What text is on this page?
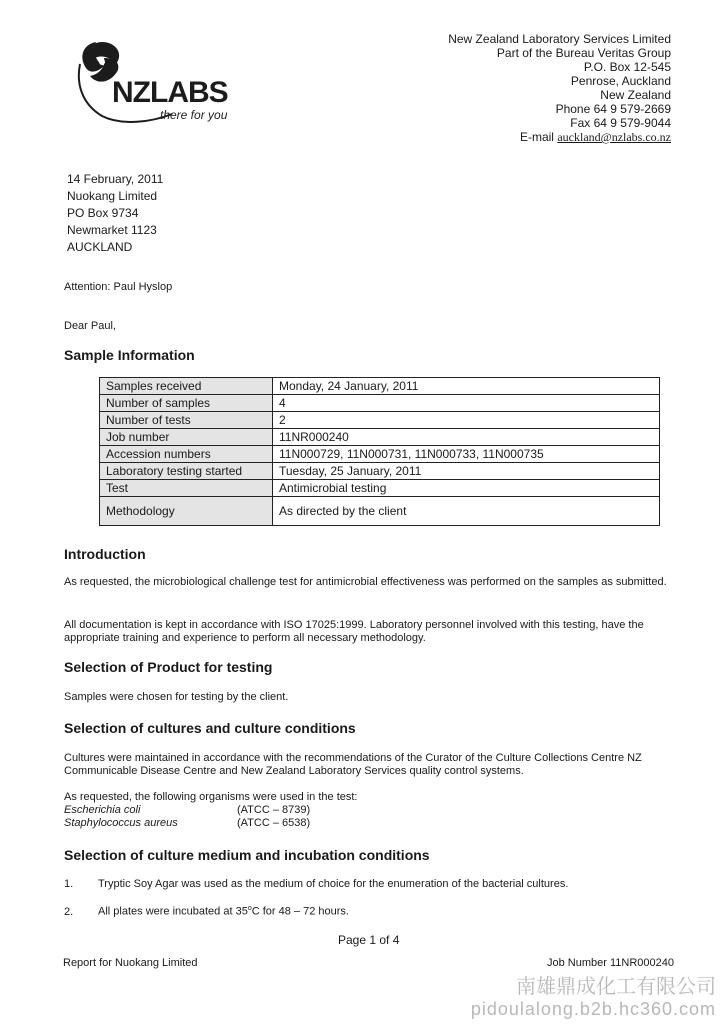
NZLABS
there for you
New Zealand Laboratory Services Limited
Part of the Bureau Veritas Group
P.O. Box 12-545
Penrose, Auckland
New Zealand
Phone 64 9 579-2669
Fax 64 9 579-9044
E-mail auckland@nzlabs.co.nz
14 February, 2011
Nuokang Limited
PO Box 9734
Newmarket 1123
AUCKLAND
Attention: Paul Hyslop
Dear Paul,
Sample Information
Samples received	Monday, 24 January, 2011
Number of samples	4
Number of tests	2
Job number	11NR000240
Accession numbers	11N000729, 11N000731, 11N000733, 11N000735
Laboratory testing started	Tuesday, 25 January, 2011
Test	Antimicrobial testing
Methodology	As directed by the client
Introduction
As requested, the microbiological challenge test for antimicrobial effectiveness was performed on the samples as submitted.
All documentation is kept in accordance with ISO 17025:1999. Laboratory personnel involved with this testing, have the appropriate training and experience to perform all necessary methodology.
Selection of Product for testing
Samples were chosen for testing by the client.
Selection of cultures and culture conditions
Cultures were maintained in accordance with the recommendations of the Curator of the Culture Collections Centre NZ Communicable Disease Centre and New Zealand Laboratory Services quality control systems.
As requested, the following organisms were used in the test:
Escherichia coli	(ATCC – 8739)
Staphylococcus aureus	(ATCC – 6538)
Selection of culture medium and incubation conditions
1. Tryptic Soy Agar was used as the medium of choice for the enumeration of the bacterial cultures.
2. All plates were incubated at 35$^o$C for 48 – 72 hours.
Page 1 of 4
Report for Nuokang Limited	Job Number 11NR000240
南雄鼎成化工有限公司
pidoulalong.b2b.hc360.com
